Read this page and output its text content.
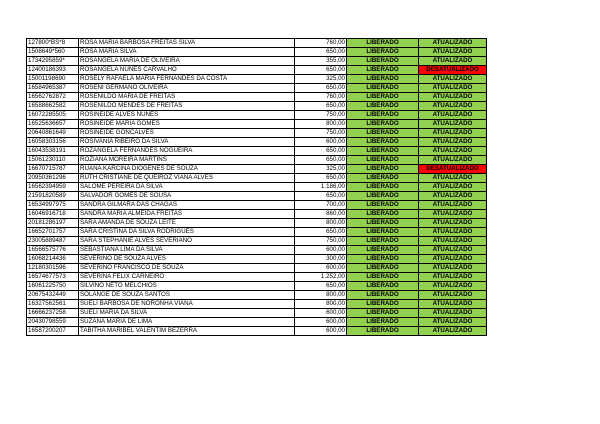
127800*BS*8	ROSA MARIA BARBOSA FREITAS SILVA	760,00	LIBERADO	ATUALIZADO
1508649*560	ROSA MARIA SILVA	650,00	LIBERADO	ATUALIZADO
1734295859*	ROSANGELA MARIA DE OLIVEIRA	355,00	LIBERADO	ATUALIZADO
12400186393	ROSANGELA NUNES CARVALHO	650,00	LIBERADO	DESATUALIZADO
15001198690	ROSELY RAFAELA MARIA FERNANDES DA COSTA	325,00	LIBERADO	ATUALIZADO
16584965387	ROSENI GERMANO OLIVEIRA	650,00	LIBERADO	ATUALIZADO
16562762872	ROSENILDO MARIA DE FREITAS	760,00	LIBERADO	ATUALIZADO
16588662582	ROSENILDO MENDES DE FREITAS	650,00	LIBERADO	ATUALIZADO
16072285505	ROSINEIDE ALVES NUNES	750,00	LIBERADO	ATUALIZADO
16525636657	ROSINEIDE MARIA GOMES	800,00	LIBERADO	ATUALIZADO
20640861649	ROSINEIDE GONCALVES	750,00	LIBERADO	ATUALIZADO
16058303156	ROSIVANIA RIBEIRO DA SILVA	600,00	LIBERADO	ATUALIZADO
16043538191	ROZANGELA FERNANDES NOGUEIRA	650,00	LIBERADO	ATUALIZADO
15061230110	ROZIANA MOREIRA MARTINS	650,00	LIBERADO	ATUALIZADO
16670715787	RUANA KARCINA DIOGENES DE SOUZA	325,00	LIBERADO	DESATUALIZADO
20950361296	RUTH CRISTIANE DE QUEIROZ VIANA ALVES	650,00	LIBERADO	ATUALIZADO
16562394959	SALOME PEREIRA DA SILVA	1.186,00	LIBERADO	ATUALIZADO
21591820589	SALVADOR GOMES DE SOUSA	650,00	LIBERADO	ATUALIZADO
16534997975	SANDRA GILMARA DAS CHAGAS	700,00	LIBERADO	ATUALIZADO
16046916718	SANDRA MARIA ALMEIDA FREITAS	860,00	LIBERADO	ATUALIZADO
20181286197	SARA AMANDA DE SOUZA LEITE	800,00	LIBERADO	ATUALIZADO
16652701757	SARA CRISTINA DA SILVA RODRIGUES	650,00	LIBERADO	ATUALIZADO
23005889487	SARA STEPHANIE ALVES SEVERIANO	750,00	LIBERADO	ATUALIZADO
16566575776	SEBASTIANA LIMA DA SILVA	600,00	LIBERADO	ATUALIZADO
16068214436	SEVERINO DE SOUZA ALVES	300,00	LIBERADO	ATUALIZADO
12180301596	SEVERINO FRANCISCO DE SOUZA	600,00	LIBERADO	ATUALIZADO
16574677573	SEVERINA FELIX CARNEIRO	1.252,00	LIBERADO	ATUALIZADO
16061225750	SILVINO NETO MELCHIOS	650,00	LIBERADO	ATUALIZADO
20675432449	SOLANGE DE SOUZA SANTOS	800,00	LIBERADO	ATUALIZADO
16327562561	SUELI BARBOSA DE NORONHA VIANA	800,00	LIBERADO	ATUALIZADO
16666237258	SUELI MARIA DA SILVA	600,00	LIBERADO	ATUALIZADO
20430798559	SUZANA MARIA DE LIMA	600,00	LIBERADO	ATUALIZADO
16587200207	TABITHA MARIBEL VALENTIM BEZERRA	600,00	LIBERADO	ATUALIZADO
